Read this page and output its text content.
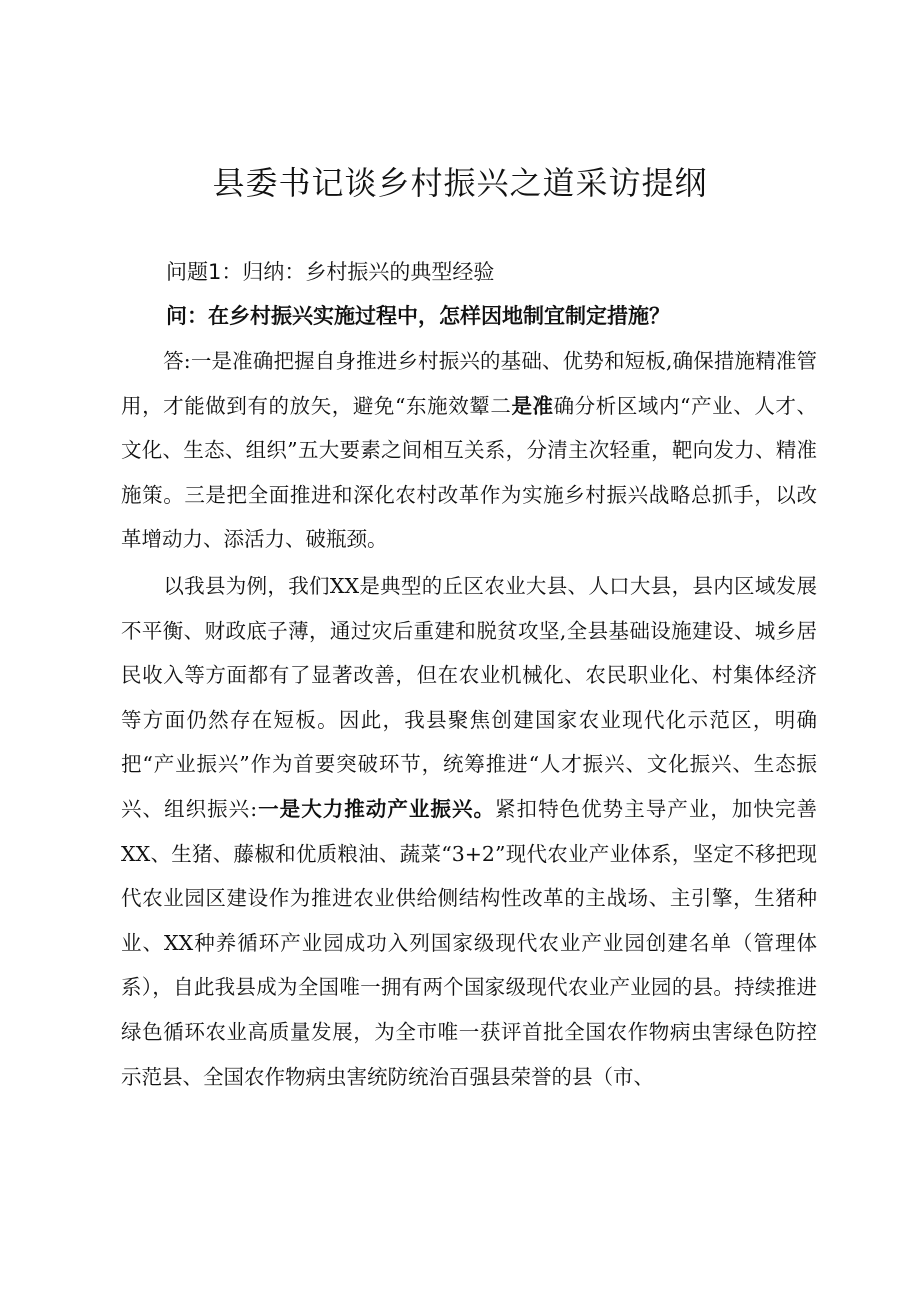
县委书记谈乡村振兴之道采访提纲

问题1：归纳：乡村振兴的典型经验

问：在乡村振兴实施过程中，怎样因地制宜制定措施？

答:一是准确把握自身推进乡村振兴的基础、优势和短板,确保措施精准管用，才能做到有的放矢，避免“东施效颦二是准确分析区域内“产业、人才、文化、生态、组织”五大要素之间相互关系，分清主次轻重，靶向发力、精准施策。三是把全面推进和深化农村改革作为实施乡村振兴战略总抓手，以改革增动力、添活力、破瓶颈。

以我县为例，我们XX是典型的丘区农业大县、人口大县，县内区域发展不平衡、财政底子薄，通过灾后重建和脱贫攻坚,全县基础设施建设、城乡居民收入等方面都有了显著改善，但在农业机械化、农民职业化、村集体经济等方面仍然存在短板。因此，我县聚焦创建国家农业现代化示范区，明确把“产业振兴”作为首要突破环节，统筹推进“人才振兴、文化振兴、生态振兴、组织振兴:一是大力推动产业振兴。紧扣特色优势主导产业，加快完善XX、生猪、藤椒和优质粮油、蔬菜“3+2”现代农业产业体系，坚定不移把现代农业园区建设作为推进农业供给侧结构性改革的主战场、主引擎，生猪种业、XX种养循环产业园成功入列国家级现代农业产业园创建名单（管理体系），自此我县成为全国唯一拥有两个国家级现代农业产业园的县。持续推进绿色循环农业高质量发展，为全市唯一获评首批全国农作物病虫害绿色防控示范县、全国农作物病虫害统防统治百强县荣誉的县（市、
